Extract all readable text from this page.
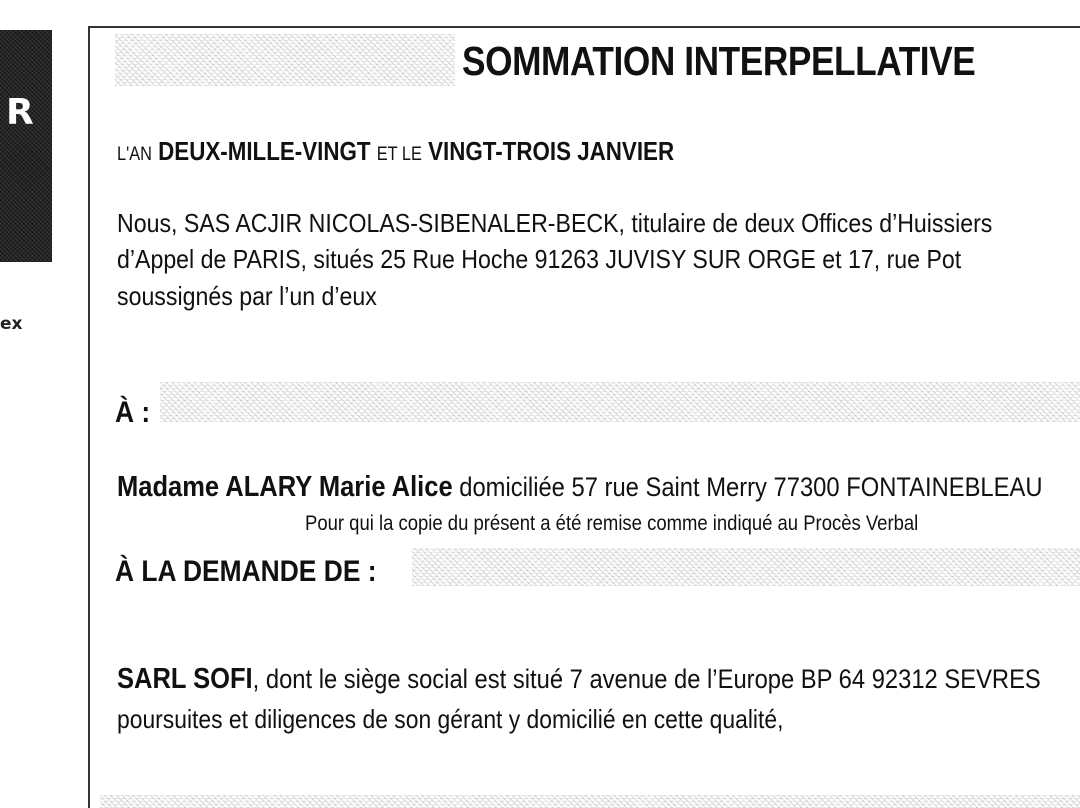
R
ex
SOMMATION INTERPELLATIVE
L'AN DEUX-MILLE-VINGT ET LE VINGT-TROIS JANVIER
Nous, SAS ACJIR NICOLAS-SIBENALER-BECK, titulaire de deux Offices d’Huissiers
d’Appel de PARIS, situés 25 Rue Hoche 91263 JUVISY SUR ORGE et 17, rue Pot
soussignés par l’un d’eux
À :
Madame ALARY Marie Alice domiciliée 57 rue Saint Merry 77300 FONTAINEBLEAU
Pour qui la copie du présent a été remise comme indiqué au Procès Verbal
À LA DEMANDE DE :
SARL SOFI, dont le siège social est situé 7 avenue de l’Europe BP 64 92312 SEVRES
poursuites et diligences de son gérant y domicilié en cette qualité,
